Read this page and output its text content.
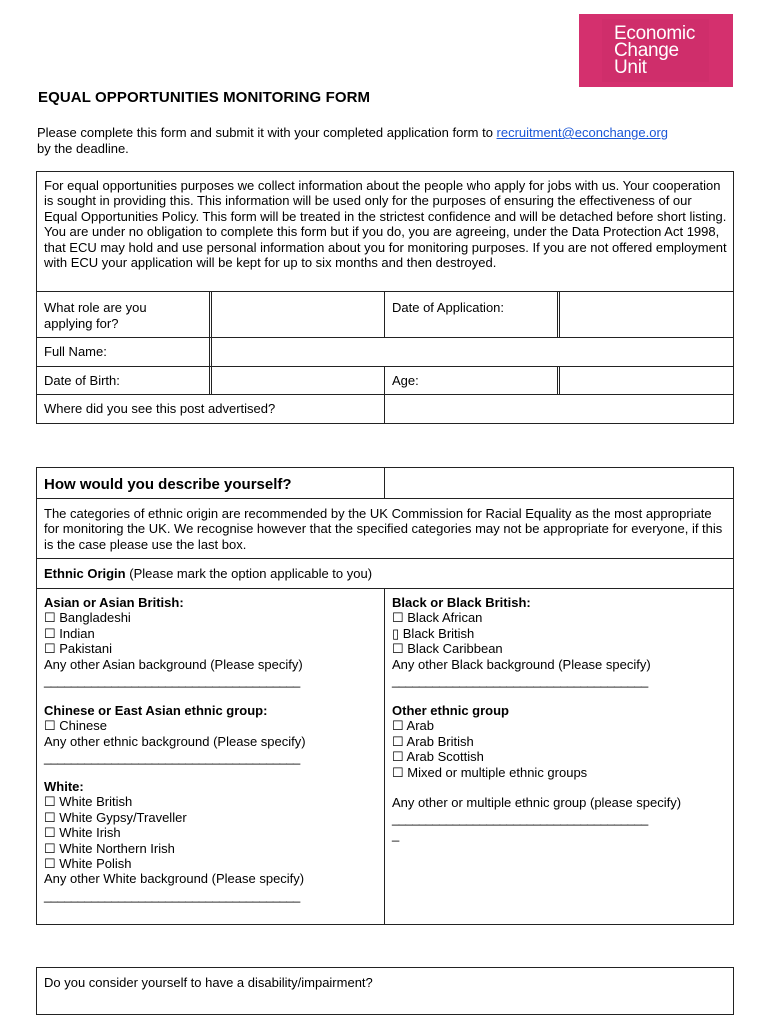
Economic
Change
Unit
EQUAL OPPORTUNITIES MONITORING FORM
Please complete this form and submit it with your completed application form to recruitment@econchange.org
by the deadline.
For equal opportunities purposes we collect information about the people who apply for jobs with us. Your cooperation is sought in providing this. This information will be used only for the purposes of ensuring the effectiveness of our Equal Opportunities Policy. This form will be treated in the strictest confidence and will be detached before short listing. You are under no obligation to complete this form but if you do, you are agreeing, under the Data Protection Act 1998, that ECU may hold and use personal information about you for monitoring purposes. If you are not offered employment with ECU your application will be kept for up to six months and then destroyed.
What role are you
applying for?
Date of Application:
Full Name:
Date of Birth:	Age:
Where did you see this post advertised?
How would you describe yourself?
The categories of ethnic origin are recommended by the UK Commission for Racial Equality as the most appropriate for monitoring the UK. We recognise however that the specified categories may not be appropriate for everyone, if this is the case please use the last box.
Ethnic Origin (Please mark the option applicable to you)
Asian or Asian British:
☐ Bangladeshi
☐ Indian
☐ Pakistani
Any other Asian background (Please specify)
______________________________________
Chinese or East Asian ethnic group:
☐ Chinese
Any other ethnic background (Please specify)
______________________________________
White:
☐ White British
☐ White Gypsy/Traveller
☐ White Irish
☐ White Northern Irish
☐ White Polish
Any other White background (Please specify)
______________________________________
Black or Black British:
☐ Black African
▯ Black British
☐ Black Caribbean
Any other Black background (Please specify)
______________________________________
Other ethnic group
☐ Arab
☐ Arab British
☐ Arab Scottish
☐ Mixed or multiple ethnic groups
Any other or multiple ethnic group (please specify)
______________________________________
_
Do you consider yourself to have a disability/impairment?
